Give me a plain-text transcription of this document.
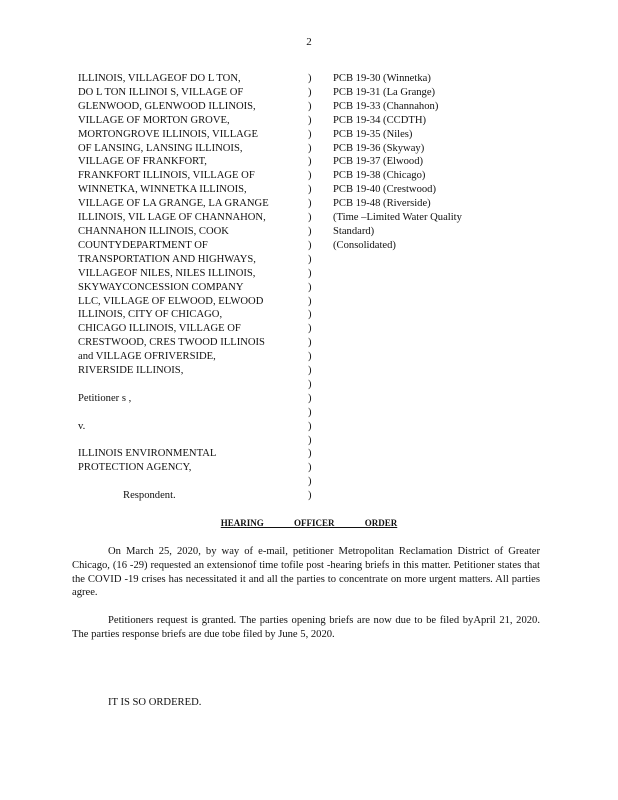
2
ILLINOIS, VILLAGEOF DO L TON,
DO L TON ILLINOI S, VILLAGE OF
GLENWOOD, GLENWOOD ILLINOIS,
VILLAGE OF MORTON GROVE,
MORTONGROVE ILLINOIS, VILLAGE
OF LANSING, LANSING ILLINOIS,
VILLAGE OF FRANKFORT,
FRANKFORT ILLINOIS, VILLAGE OF
WINNETKA, WINNETKA ILLINOIS,
VILLAGE OF LA GRANGE, LA GRANGE
ILLINOIS, VIL LAGE OF CHANNAHON,
CHANNAHON ILLINOIS, COOK
COUNTYDEPARTMENT OF
TRANSPORTATION AND HIGHWAYS,
VILLAGEOF NILES, NILES ILLINOIS,
SKYWAYCONCESSION COMPANY
LLC, VILLAGE OF ELWOOD, ELWOOD
ILLINOIS, CITY OF CHICAGO,
CHICAGO ILLINOIS, VILLAGE OF
CRESTWOOD, CRES TWOOD ILLINOIS
and VILLAGE OFRIVERSIDE,
RIVERSIDE ILLINOIS,
Petitioner s ,
v.
ILLINOIS ENVIRONMENTAL
PROTECTION AGENCY,
Respondent.
)
)
)
)
)
)
)
)
)
)
)
)
)
)
)
)
)
)
)
)
)
)
)
)
)
)
)
)
)
)
)
PCB 19-30 (Winnetka)
PCB 19-31 (La Grange)
PCB 19-33 (Channahon)
PCB 19-34 (CCDTH)
PCB 19-35 (Niles)
PCB 19-36 (Skyway)
PCB 19-37 (Elwood)
PCB 19-38 (Chicago)
PCB 19-40 (Crestwood)
PCB 19-48 (Riverside)
(Time –Limited Water Quality
Standard)
(Consolidated)
HEARING OFFICER ORDER
On March 25, 2020, by way of e-mail, petitioner Metropolitan Reclamation District of Greater Chicago, (16 -29) requested an extensionof time tofile post -hearing briefs in this matter. Petitioner states that the COVID -19 crises has necessitated it and all the parties to concentrate on more urgent matters. All parties agree.
Petitioners request is granted. The parties opening briefs are now due to be filed byApril 21, 2020. The parties response briefs are due tobe filed by June 5, 2020.
IT IS SO ORDERED.
